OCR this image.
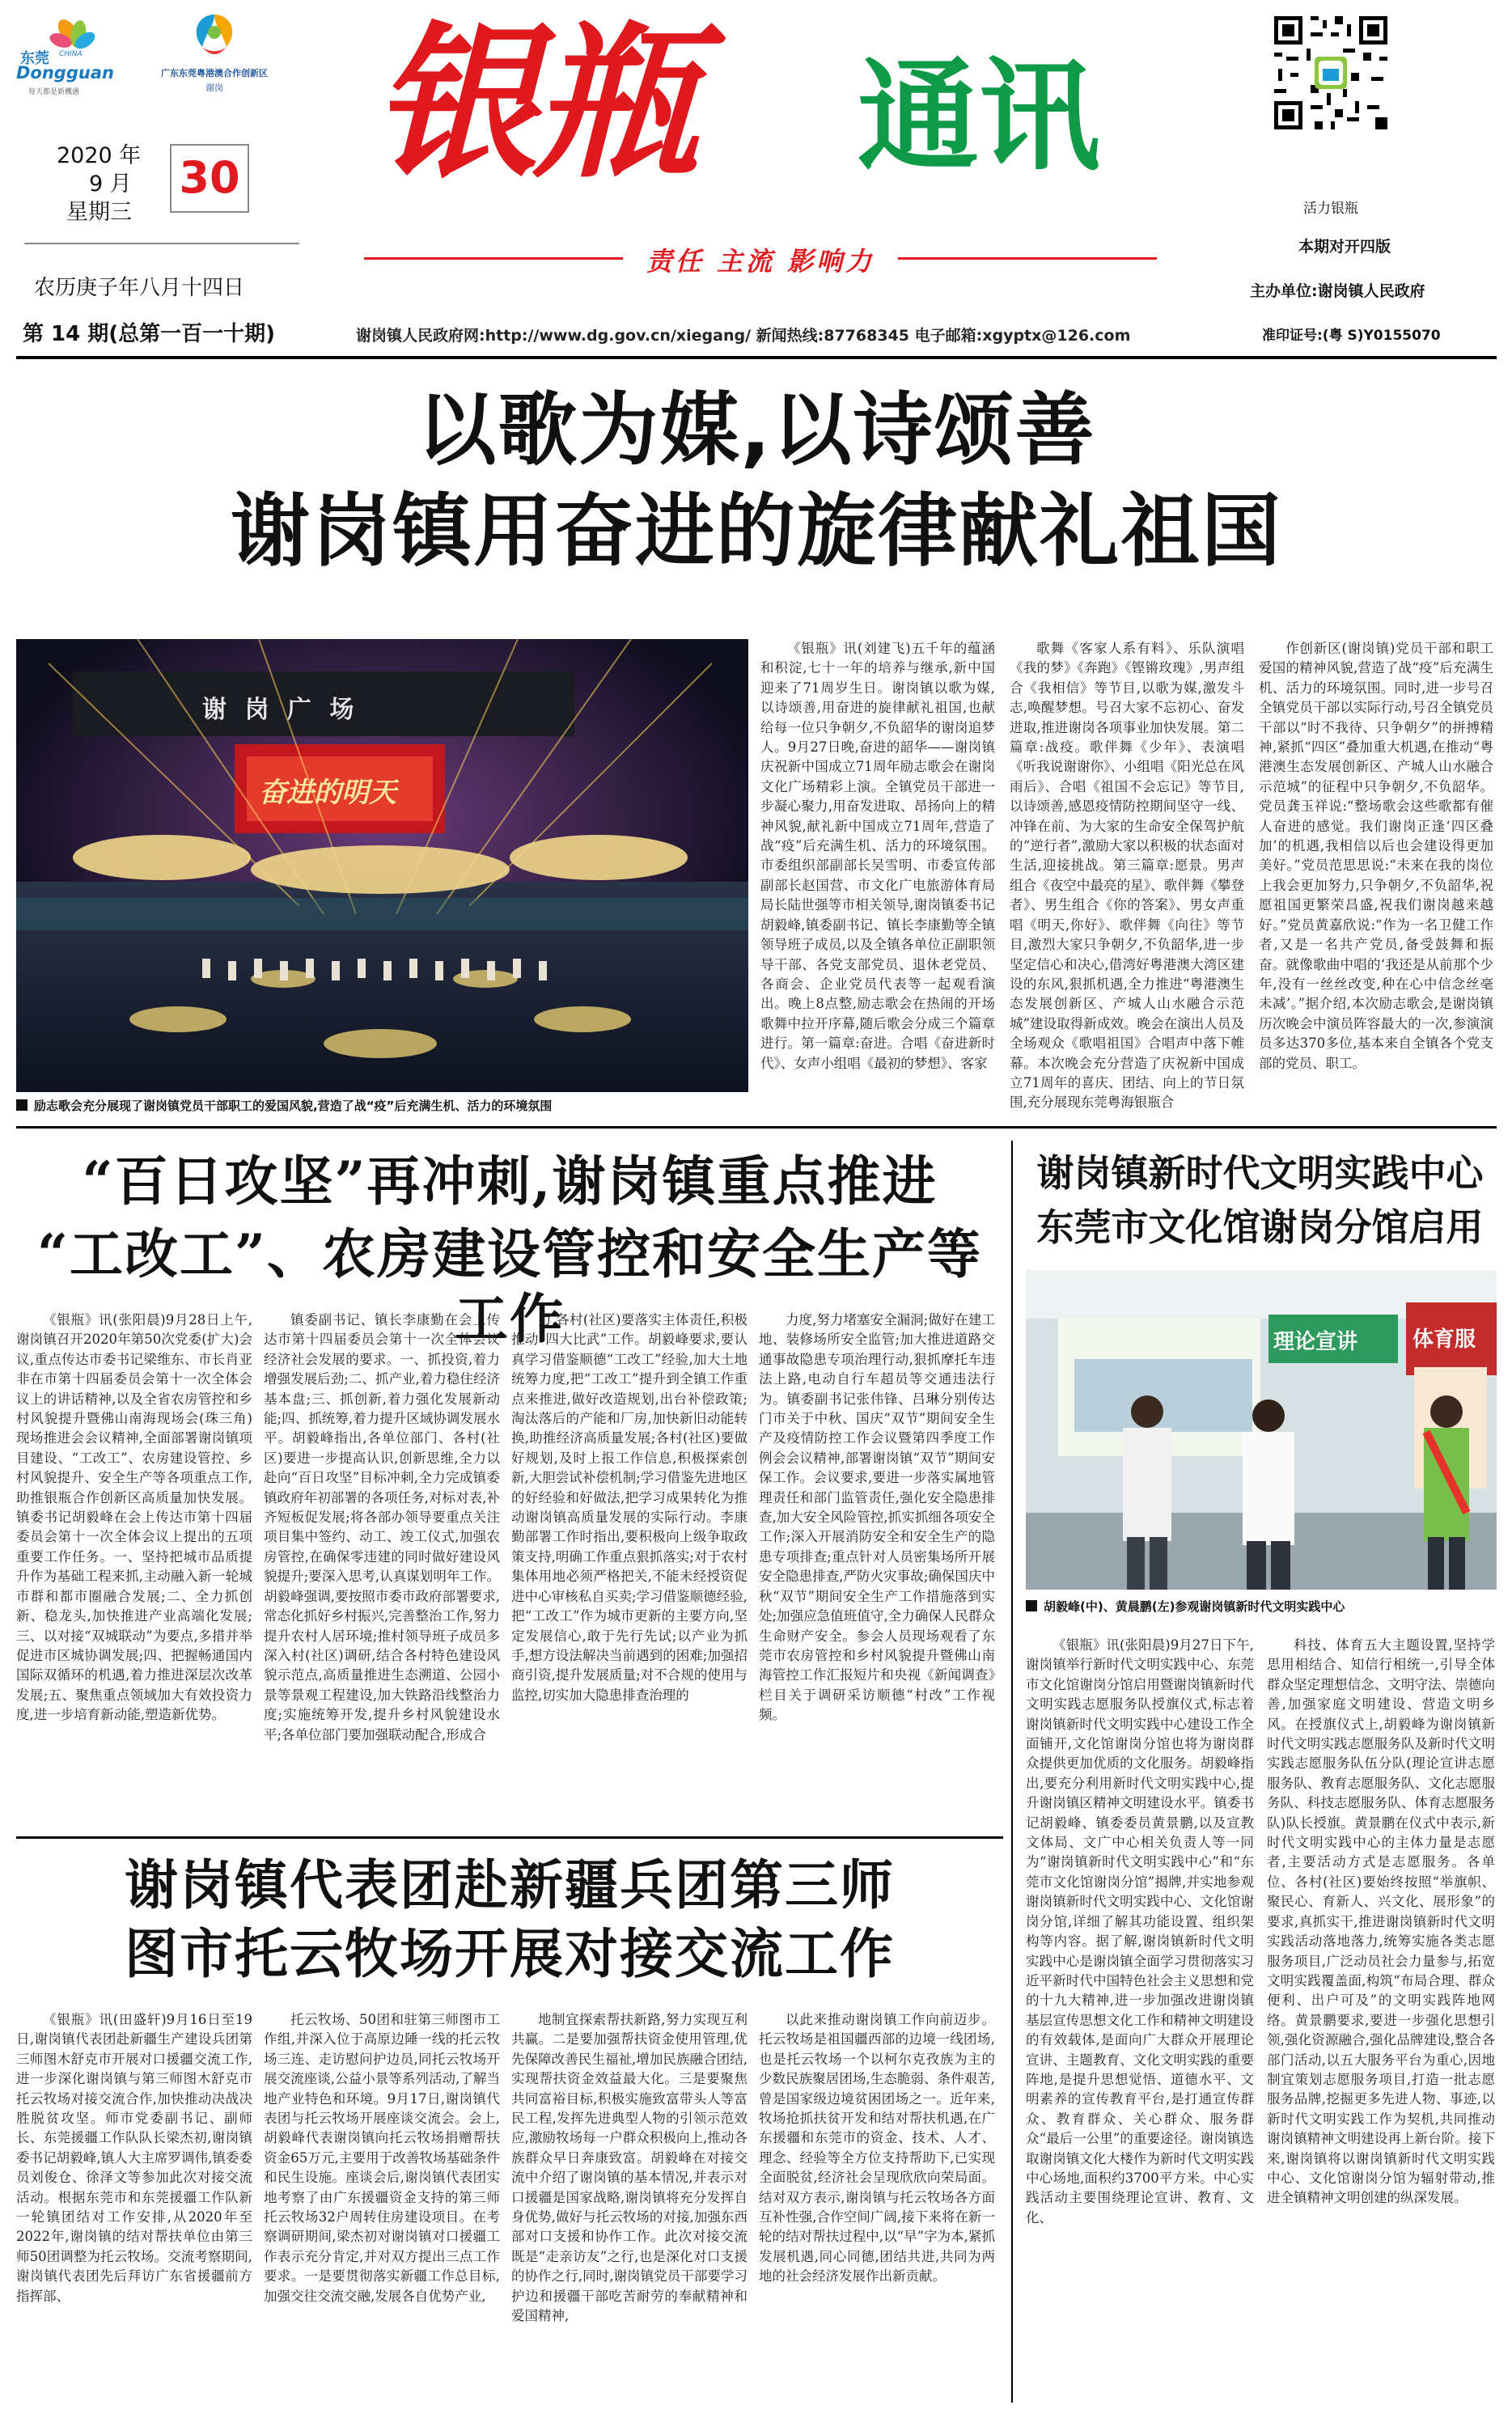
东莞 CHINA
Dongguan
每天都是新機遇
广东东莞粤港澳合作创新区
谢岗 银瓶	通讯
责任 主流 影响力
2020 年
9 月
星期三
30
农历庚子年八月十四日
第 14 期(总第一百一十期)	谢岗镇人民政府网:http://www.dg.gov.cn/xiegang/ 新闻热线:87768345 电子邮箱:xgyptx@126.com
活力银瓶
本期对开四版
主办单位:谢岗镇人民政府
准印证号:(粤 S)Y0155070
以歌为媒,以诗颂善
谢岗镇用奋进的旋律献礼祖国
谢 岗 广 场
奋进的明天
励志歌会充分展现了谢岗镇党员干部职工的爱国风貌,营造了战“疫”后充满生机、活力的环境氛围

《银瓶》讯(刘建飞)五千年的蕴涵和积淀,七十一年的培养与继承,新中国迎来了71周岁生日。谢岗镇以歌为媒,以诗颂善,用奋进的旋律献礼祖国,也献给每一位只争朝夕,不负韶华的谢岗追梦人。9月27日晚,奋进的韶华——谢岗镇庆祝新中国成立71周年励志歌会在谢岗文化广场精彩上演。全镇党员干部进一步凝心聚力,用奋发进取、昂扬向上的精神风貌,献礼新中国成立71周年,营造了战“疫”后充满生机、活力的环境氛围。市委组织部副部长吴雪明、市委宣传部副部长赵国营、市文化广电旅游体育局局长陆世强等市相关领导,谢岗镇委书记胡毅峰,镇委副书记、镇长李康勤等全镇领导班子成员,以及全镇各单位正副职领导干部、各党支部党员、退休老党员、各商会、企业党员代表等一起观看演出。晚上8点整,励志歌会在热闹的开场歌舞中拉开序幕,随后歌会分成三个篇章进行。第一篇章:奋进。合唱《奋进新时代》、女声小组唱《最初的梦想》、客家

歌舞《客家人系有料》、乐队演唱《我的梦》《奔跑》《铿锵玫瑰》,男声组合《我相信》等节目,以歌为媒,激发斗志,唤醒梦想。号召大家不忘初心、奋发进取,推进谢岗各项事业加快发展。第二篇章:战疫。歌伴舞《少年》、表演唱《听我说谢谢你》、小组唱《阳光总在风雨后》、合唱《祖国不会忘记》等节目,以诗颂善,感恩疫情防控期间坚守一线、冲锋在前、为大家的生命安全保驾护航的“逆行者”,激励大家以积极的状态面对生活,迎接挑战。第三篇章:愿景。男声组合《夜空中最亮的星》、歌伴舞《攀登者》、男生组合《你的答案》、男女声重唱《明天,你好》、歌伴舞《向往》等节目,激烈大家只争朝夕,不负韶华,进一步坚定信心和决心,借湾好粤港澳大湾区建设的东风,狠抓机遇,全力推进“粤港澳生态发展创新区、产城人山水融合示范城”建设取得新成效。晚会在演出人员及全场观众《歌唱祖国》合唱声中落下帷幕。本次晚会充分营造了庆祝新中国成立71周年的喜庆、团结、向上的节日氛围,充分展现东莞粤海银瓶合

作创新区(谢岗镇)党员干部和职工爱国的精神风貌,营造了战“疫”后充满生机、活力的环境氛围。同时,进一步号召全镇党员干部以实际行动,号召全镇党员干部以“时不我待、只争朝夕”的拼搏精神,紧抓“四区”叠加重大机遇,在推动“粤港澳生态发展创新区、产城人山水融合示范城”的征程中只争朝夕,不负韶华。党员龚玉祥说:“整场歌会这些歌都有催人奋进的感觉。我们谢岗正逢‘四区叠加’的机遇,我相信以后也会建设得更加美好。”党员范思思说:“未来在我的岗位上我会更加努力,只争朝夕,不负韶华,祝愿祖国更繁荣昌盛,祝我们谢岗越来越好。”党员黄嘉欣说:“作为一名卫健工作者,又是一名共产党员,备受鼓舞和振奋。就像歌曲中唱的‘我还是从前那个少年,没有一丝丝改变,种在心中信念丝毫未减’。”据介绍,本次励志歌会,是谢岗镇历次晚会中演员阵容最大的一次,参演演员多达370多位,基本来自全镇各个党支部的党员、职工。

“百日攻坚”再冲刺,谢岗镇重点推进
“工改工”、农房建设管控和安全生产等工作

《银瓶》讯(张阳晨)9月28日上午,谢岗镇召开2020年第50次党委(扩大)会议,重点传达市委书记梁维东、市长肖亚非在市第十四届委员会第十一次全体会议上的讲话精神,以及全省农房管控和乡村风貌提升暨佛山南海现场会(珠三角)现场推进会会议精神,全面部署谢岗镇项目建设、“工改工”、农房建设管控、乡村风貌提升、安全生产等各项重点工作,助推银瓶合作创新区高质量加快发展。镇委书记胡毅峰在会上传达市第十四届委员会第十一次全体会议上提出的五项重要工作任务。一、坚持把城市品质提升作为基础工程来抓,主动融入新一轮城市群和都市圈融合发展;二、全力抓创新、稳龙头,加快推进产业高端化发展;三、以对接“双城联动”为要点,多措并举促进市区城协调发展;四、把握畅通国内国际双循环的机遇,着力推进深层次改革发展;五、聚焦重点领域加大有效投资力度,进一步培育新动能,塑造新优势。

镇委副书记、镇长李康勤在会上传达市第十四届委员会第十一次全体会议经济社会发展的要求。一、抓投资,着力增强发展后劲;二、抓产业,着力稳住经济基本盘;三、抓创新,着力强化发展新动能;四、抓统筹,着力提升区域协调发展水平。胡毅峰指出,各单位部门、各村(社区)要进一步提高认识,创新思维,全力以赴向“百日攻坚”目标冲刺,全力完成镇委镇政府年初部署的各项任务,对标对表,补齐短板促发展;将各部办领导要重点关注项目集中签约、动工、竣工仪式,加强农房管控,在确保零违建的同时做好建设风貌提升;要深入思考,认真谋划明年工作。胡毅峰强调,要按照市委市政府部署要求,常态化抓好乡村振兴,完善整治工作,努力提升农村人居环境;推村领导班子成员多深入村(社区)调研,结合各村特色建设风貌示范点,高质量推进生态溯道、公园小景等景观工程建设,加大铁路沿线整治力度;实施统筹开发,提升乡村风貌建设水平;各单位部门要加强联动配合,形成合

力,各村(社区)要落实主体责任,积极推动“四大比武”工作。胡毅峰要求,要认真学习借鉴顺德“工改工”经验,加大土地统筹力度,把“工改工”提升到全镇工作重点来推进,做好改造规划,出台补偿政策;淘汰落后的产能和厂房,加快新旧动能转换,助推经济高质量发展;各村(社区)要做好规划,及时上报工作信息,积极探索创新,大胆尝试补偿机制;学习借鉴先进地区的好经验和好做法,把学习成果转化为推动谢岗镇高质量发展的实际行动。李康勤部署工作时指出,要积极向上级争取政策支持,明确工作重点狠抓落实;对于农村集体用地必须严格把关,不能未经授资促进中心审核私自买卖;学习借鉴顺德经验,把“工改工”作为城市更新的主要方向,坚定发展信心,敢于先行先试;以产业为抓手,想方设法解决当前遇到的困难;加强招商引资,提升发展质量;对不合规的使用与监控,切实加大隐患排查治理的

力度,努力堵塞安全漏洞;做好在建工地、装修场所安全监管;加大推进道路交通事故隐患专项治理行动,狠抓摩托车违法上路,电动自行车超员等交通违法行为。镇委副书记张伟锋、吕琳分别传达门市关于中秋、国庆“双节”期间安全生产及疫情防控工作会议暨第四季度工作例会会议精神,部署谢岗镇“双节”期间安保工作。会议要求,要进一步落实属地管理责任和部门监管责任,强化安全隐患排查,加大安全风险管控,抓实抓细各项安全工作;深入开展消防安全和安全生产的隐患专项排查;重点针对人员密集场所开展安全隐患排查,严防火灾事故;确保国庆中秋“双节”期间安全生产工作措施落到实处;加强应急值班值守,全力确保人民群众生命财产安全。参会人员现场观看了东莞市农房管控和乡村风貌提升暨佛山南海管控工作汇报短片和央视《新闻调查》栏目关于调研采访顺德“村改”工作视频。

谢岗镇代表团赴新疆兵团第三师
图市托云牧场开展对接交流工作

《银瓶》讯(田盛轩)9月16日至19日,谢岗镇代表团赴新疆生产建设兵团第三师图木舒克市开展对口援疆交流工作,进一步深化谢岗镇与第三师图木舒克市托云牧场对接交流合作,加快推动决战决胜脱贫攻坚。师市党委副书记、副师长、东莞援疆工作队队长梁杰初,谢岗镇委书记胡毅峰,镇人大主席罗调伟,镇委委员刘俊仓、徐泽文等参加此次对接交流活动。根据东莞市和东莞援疆工作队新一轮镇团结对工作安排,从2020年至2022年,谢岗镇的结对帮扶单位由第三师50团调整为托云牧场。交流考察期间,谢岗镇代表团先后拜访广东省援疆前方指挥部、

托云牧场、50团和驻第三师图市工作组,并深入位于高原边陲一线的托云牧场三连、走访慰问护边员,同托云牧场开展交流座谈,公益小景等系列活动,了解当地产业特色和环境。9月17日,谢岗镇代表团与托云牧场开展座谈交流会。会上,胡毅峰代表谢岗镇向托云牧场捐赠帮扶资金65万元,主要用于改善牧场基础条件和民生设施。座谈会后,谢岗镇代表团实地考察了由广东援疆资金支持的第三师托云牧场32户周转住房建设项目。在考察调研期间,梁杰初对谢岗镇对口援疆工作表示充分肯定,并对双方提出三点工作要求。一是要贯彻落实新疆工作总目标,加强交往交流交融,发展各自优势产业,

地制宜探索帮扶新路,努力实现互利共赢。二是要加强帮扶资金使用管理,优先保障改善民生福祉,增加民族融合团结,实现帮扶资金效益最大化。三是要聚焦共同富裕目标,积极实施致富带头人等富民工程,发挥先进典型人物的引领示范效应,激励牧场每一户群众积极向上,推动各族群众早日奔康致富。胡毅峰在对接交流中介绍了谢岗镇的基本情况,并表示对口援疆是国家战略,谢岗镇将充分发挥自身优势,做好与托云牧场的对接,加强东西部对口支援和协作工作。此次对接交流既是“走亲访友”之行,也是深化对口支援的协作之行,同时,谢岗镇党员干部要学习护边和援疆干部吃苦耐劳的奉献精神和爱国精神,

以此来推动谢岗镇工作向前迈步。托云牧场是祖国疆西部的边境一线团场,也是托云牧场一个以柯尔克孜族为主的少数民族聚居团场,生态脆弱、条件艰苦,曾是国家级边境贫困团场之一。近年来,牧场抢抓扶贫开发和结对帮扶机遇,在广东援疆和东莞市的资金、技术、人才、理念、经验等全方位支持帮助下,已实现全面脱贫,经济社会呈现欣欣向荣局面。结对双方表示,谢岗镇与托云牧场各方面互补性强,合作空间广阔,接下来将在新一轮的结对帮扶过程中,以“早”字为本,紧抓发展机遇,同心同德,团结共进,共同为两地的社会经济发展作出新贡献。

谢岗镇新时代文明实践中心
东莞市文化馆谢岗分馆启用
理论宣讲	体育服
胡毅峰(中)、黄晨鹏(左)参观谢岗镇新时代文明实践中心

《银瓶》讯(张阳晨)9月27日下午,谢岗镇举行新时代文明实践中心、东莞市文化馆谢岗分馆启用暨谢岗镇新时代文明实践志愿服务队授旗仪式,标志着谢岗镇新时代文明实践中心建设工作全面铺开,文化馆谢岗分馆也将为谢岗群众提供更加优质的文化服务。胡毅峰指出,要充分利用新时代文明实践中心,提升谢岗镇区精神文明建设水平。镇委书记胡毅峰、镇委委员黄景鹏,以及宣教文体局、文广中心相关负责人等一同为“谢岗镇新时代文明实践中心”和“东莞市文化馆谢岗分馆”揭牌,并实地参观谢岗镇新时代文明实践中心、文化馆谢岗分馆,详细了解其功能设置、组织架构等内容。据了解,谢岗镇新时代文明实践中心是谢岗镇全面学习贯彻落实习近平新时代中国特色社会主义思想和党的十九大精神,进一步加强改进谢岗镇基层宣传思想文化工作和精神文明建设的有效载体,是面向广大群众开展理论宣讲、主题教育、文化文明实践的重要阵地,是提升思想觉悟、道德水平、文明素养的宣传教育平台,是打通宣传群众、教育群众、关心群众、服务群众“最后一公里”的重要途径。谢岗镇选取谢岗镇文化大楼作为新时代文明实践中心场地,面积约3700平方米。中心实践活动主要围绕理论宣讲、教育、文化、

科技、体育五大主题设置,坚持学思用相结合、知信行相统一,引导全体群众坚定理想信念、文明守法、崇德向善,加强家庭文明建设、营造文明乡风。在授旗仪式上,胡毅峰为谢岗镇新时代文明实践志愿服务队及新时代文明实践志愿服务队伍分队(理论宣讲志愿服务队、教育志愿服务队、文化志愿服务队、科技志愿服务队、体育志愿服务队)队长授旗。黄景鹏在仪式中表示,新时代文明实践中心的主体力量是志愿者,主要活动方式是志愿服务。各单位、各村(社区)要始终按照“举旗帜、聚民心、育新人、兴文化、展形象”的要求,真抓实干,推进谢岗镇新时代文明实践活动落地落力,统筹实施各类志愿服务项目,广泛动员社会力量参与,拓宽文明实践覆盖面,构筑“布局合理、群众便利、出户可及”的文明实践阵地网络。黄景鹏要求,要进一步强化思想引领,强化资源融合,强化品牌建设,整合各部门活动,以五大服务平台为重心,因地制宜策划志愿服务项目,打造一批志愿服务品牌,挖掘更多先进人物、事迹,以新时代文明实践工作为契机,共同推动谢岗镇精神文明建设再上新台阶。接下来,谢岗镇将以谢岗镇新时代文明实践中心、文化馆谢岗分馆为辐射带动,推进全镇精神文明创建的纵深发展。
